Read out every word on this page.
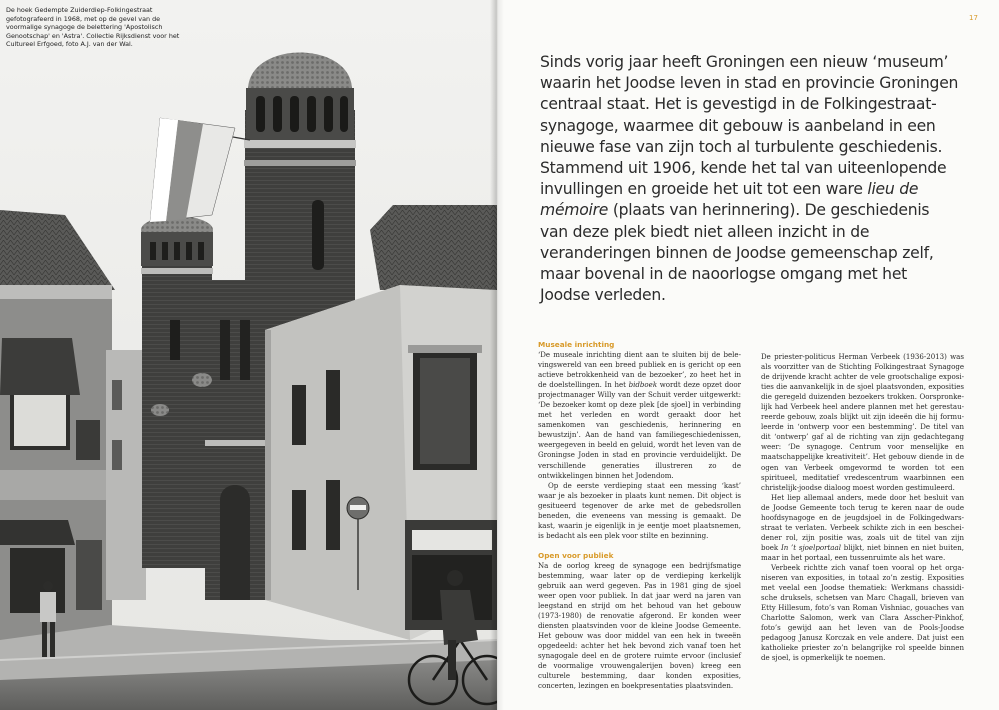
De hoek Gedempte Zuiderdiep-Folkingestraat gefotografeerd in 1968, met op de gevel van de voormalige synagoge de belettering 'Apostolisch Genootschap' en 'Astra'. Collectie Rijksdienst voor het Cultureel Erfgoed, foto A.J. van der Wal.

17

Sinds vorig jaar heeft Groningen een nieuw ‘museum’ waarin het Joodse leven in stad en provincie Groningen centraal staat. Het is gevestigd in de Folkingestraat-synagoge, waarmee dit gebouw is aanbeland in een nieuwe fase van zijn toch al turbulente geschiedenis. Stammend uit 1906, kende het tal van uiteenlopende invullingen en groeide het uit tot een ware lieu de mémoire (plaats van herinnering). De geschiedenis van deze plek biedt niet alleen inzicht in de veranderingen binnen de Joodse gemeenschap zelf, maar bovenal in de naoorlogse omgang met het Joodse verleden.

Museale inrichting

‘De museale inrichting dient aan te sluiten bij de belevingswereld van een breed publiek en is gericht op een actieve betrokkenheid van de bezoeker’, zo heet het in de doelstellingen. In het bidboek wordt deze opzet door projectmanager Willy van der Schuit verder uitgewerkt: ‘De bezoeker komt op deze plek [de sjoel] in verbinding met het verleden en wordt geraakt door het samenkomen van geschiedenis, herinnering en bewustzijn’. Aan de hand van familiegeschiedenissen, weergegeven in beeld en geluid, wordt het leven van de Groningse Joden in stad en provincie verduidelijkt. De verschillende generaties illustreren zo de ontwikkelingen binnen het Jodendom.

Op de eerste verdieping staat een messing ‘kast’ waar je als bezoeker in plaats kunt nemen. Dit object is gesitueerd tegenover de arke met de gebedsrollen beneden, die eveneens van messing is gemaakt. De kast, waarin je eigenlijk in je eentje moet plaatsnemen, is bedacht als een plek voor stilte en bezinning.

Open voor publiek

Na de oorlog kreeg de synagoge een bedrijfsmatige bestemming, waar later op de verdieping kerkelijk gebruik aan werd gegeven. Pas in 1981 ging de sjoel weer open voor publiek. In dat jaar werd na jaren van leegstand en strijd om het behoud van het gebouw (1973-1980) de renovatie afgerond. Er konden weer diensten plaatsvinden voor de kleine Joodse Gemeente. Het gebouw was door middel van een hek in tweeën opgedeeld: achter het hek bevond zich vanaf toen het synagogale deel en de grotere ruimte ervoor (inclusief de voormalige vrouwengalerijen boven) kreeg een culturele bestemming, daar konden exposities, concerten, lezingen en boekpresentaties plaatsvinden.

De priester-politicus Herman Verbeek (1936-2013) was als voorzitter van de Stichting Folkingestraat Synagoge de drijvende kracht achter de vele grootschalige exposities die aanvankelijk in de sjoel plaatsvonden, exposities die geregeld duizenden bezoekers trokken. Oorspronkelijk had Verbeek heel andere plannen met het gerestaureerde gebouw, zoals blijkt uit zijn ideeën die hij formuleerde in ‘ontwerp voor een bestemming’. De titel van dit ‘ontwerp’ gaf al de richting van zijn gedachtegang weer: ‘De synagoge. Centrum voor menselijke en maatschappelijke kreativiteit’. Het gebouw diende in de ogen van Verbeek omgevormd te worden tot een spiritueel, meditatief vredescentrum waarbinnen een christelijk-joodse dialoog moest worden gestimuleerd.

Het liep allemaal anders, mede door het besluit van de Joodse Gemeente toch terug te keren naar de oude hoofdsynagoge en de jeugdsjoel in de Folkingedwarsstraat te verlaten. Verbeek schikte zich in een bescheidener rol, zijn positie was, zoals uit de titel van zijn boek In ’t sjoelportaal blijkt, niet binnen en niet buiten, maar in het portaal, een tussenruimte als het ware.

Verbeek richtte zich vanaf toen vooral op het organiseren van exposities, in totaal zo’n zestig. Exposities met veelal een Joodse thematiek: Werkmans chassidische druksels, schetsen van Marc Chagall, brieven van Etty Hillesum, foto’s van Roman Vishniac, gouaches van Charlotte Salomon, werk van Clara Asscher-Pinkhof, foto’s gewijd aan het leven van de Pools-Joodse pedagoog Janusz Korczak en vele andere. Dat juist een katholieke priester zo’n belangrijke rol speelde binnen de sjoel, is opmerkelijk te noemen.
